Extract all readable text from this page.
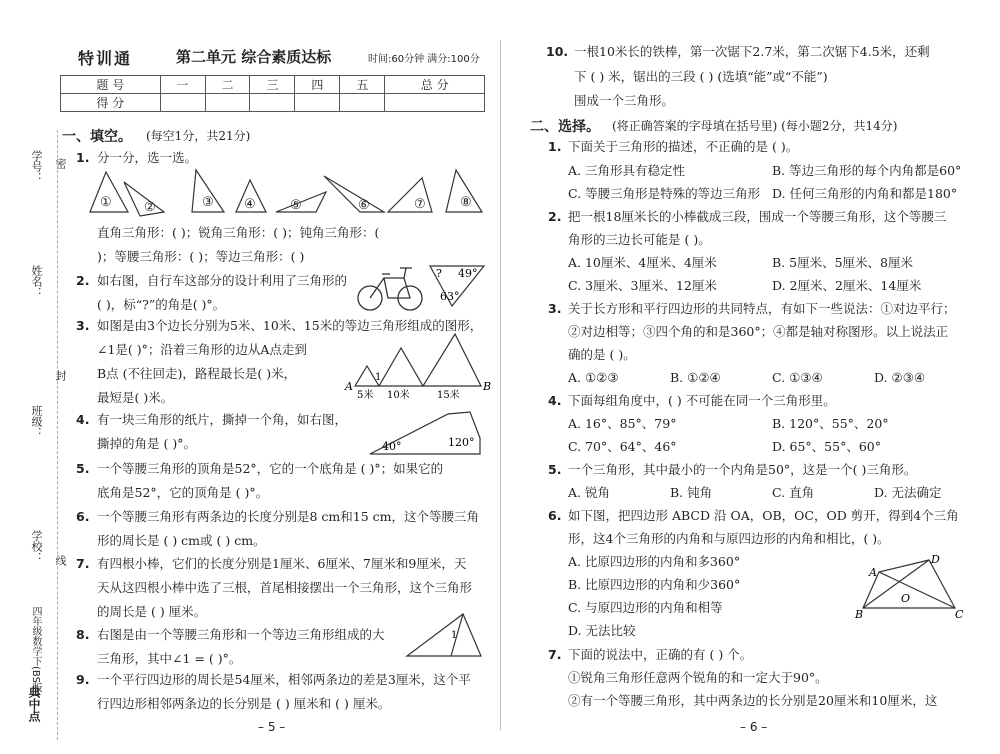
特训通	第二单元 综合素质达标	时间:60分钟 满分:100分
题 号	一	二	三	四	五	总 分
得 分						
学号： 密
姓名：
封
班级：
学校： 线
四年级数学下(BS版)
典中点
一、填空。 (每空1分，共21分)
1. 分一分，选一选。
① ②	③ ④	⑤	⑥	⑦	⑧
直角三角形：( )；锐角三角形：( )；钝角三角形：(
)；等腰三角形：( )；等边三角形：( )
2. 如右图，自行车这部分的设计利用了三角形的
( )，标“?”的角是( )°。
? 49°
63°
3. 如图是由3个边长分别为5米、10米、15米的等边三角形组成的图形，
∠1是( )°；沿着三角形的边从A点走到
B点 (不往回走)，路程最长是( )米，
最短是( )米。
A	B
1
5米 10米	15米
4. 有一块三角形的纸片，撕掉一个角，如右图，
撕掉的角是 ( )°。	40°	120°
5. 一个等腰三角形的顶角是52°，它的一个底角是 ( )°；如果它的
底角是52°，它的顶角是 ( )°。
6. 一个等腰三角形有两条边的长度分别是8 cm和15 cm，这个等腰三角
形的周长是 ( ) cm或 ( ) cm。
7. 有四根小棒，它们的长度分别是1厘米、6厘米、7厘米和9厘米，天
天从这四根小棒中选了三根，首尾相接摆出一个三角形，这个三角形
的周长是 ( ) 厘米。
8. 右图是由一个等腰三角形和一个等边三角形组成的大
三角形，其中∠1 = ( )°。
1
9. 一个平行四边形的周长是54厘米，相邻两条边的差是3厘米，这个平
行四边形相邻两条边的长分别是 ( ) 厘米和 ( ) 厘米。
– 5 –
10. 一根10米长的铁棒，第一次锯下2.7米，第二次锯下4.5米，还剩
下 ( ) 米，锯出的三段 ( ) (选填“能”或“不能”)
围成一个三角形。
二、选择。 (将正确答案的字母填在括号里) (每小题2分，共14分)
1. 下面关于三角形的描述，不正确的是 ( )。
A. 三角形具有稳定性	B. 等边三角形的每个内角都是60°
C. 等腰三角形是特殊的等边三角形 D. 任何三角形的内角和都是180°
2. 把一根18厘米长的小棒截成三段，围成一个等腰三角形，这个等腰三
角形的三边长可能是 ( )。
A. 10厘米、4厘米、4厘米	B. 5厘米、5厘米、8厘米
C. 3厘米、3厘米、12厘米	D. 2厘米、2厘米、14厘米
3. 关于长方形和平行四边形的共同特点，有如下一些说法：①对边平行；
②对边相等；③四个角的和是360°；④都是轴对称图形。以上说法正
确的是 ( )。
A. ①②③	B. ①②④	C. ①③④	D. ②③④
4. 下面每组角度中，( ) 不可能在同一个三角形里。
A. 16°、85°、79°	B. 120°、55°、20°
C. 70°、64°、46°	D. 65°、55°、60°
5. 一个三角形，其中最小的一个内角是50°，这是一个( )三角形。
A. 锐角	B. 钝角	C. 直角	D. 无法确定
6. 如下图，把四边形 ABCD 沿 OA，OB，OC，OD 剪开，得到4个三角
形，这4个三角形的内角和与原四边形的内角和相比，( )。
A. 比原四边形的内角和多360°
B. 比原四边形的内角和少360°
C. 与原四边形的内角和相等
D. 无法比较
A
D
B	C
O
7. 下面的说法中，正确的有 ( ) 个。
①锐角三角形任意两个锐角的和一定大于90°。
②有一个等腰三角形，其中两条边的长分别是20厘米和10厘米，这
– 6 –
